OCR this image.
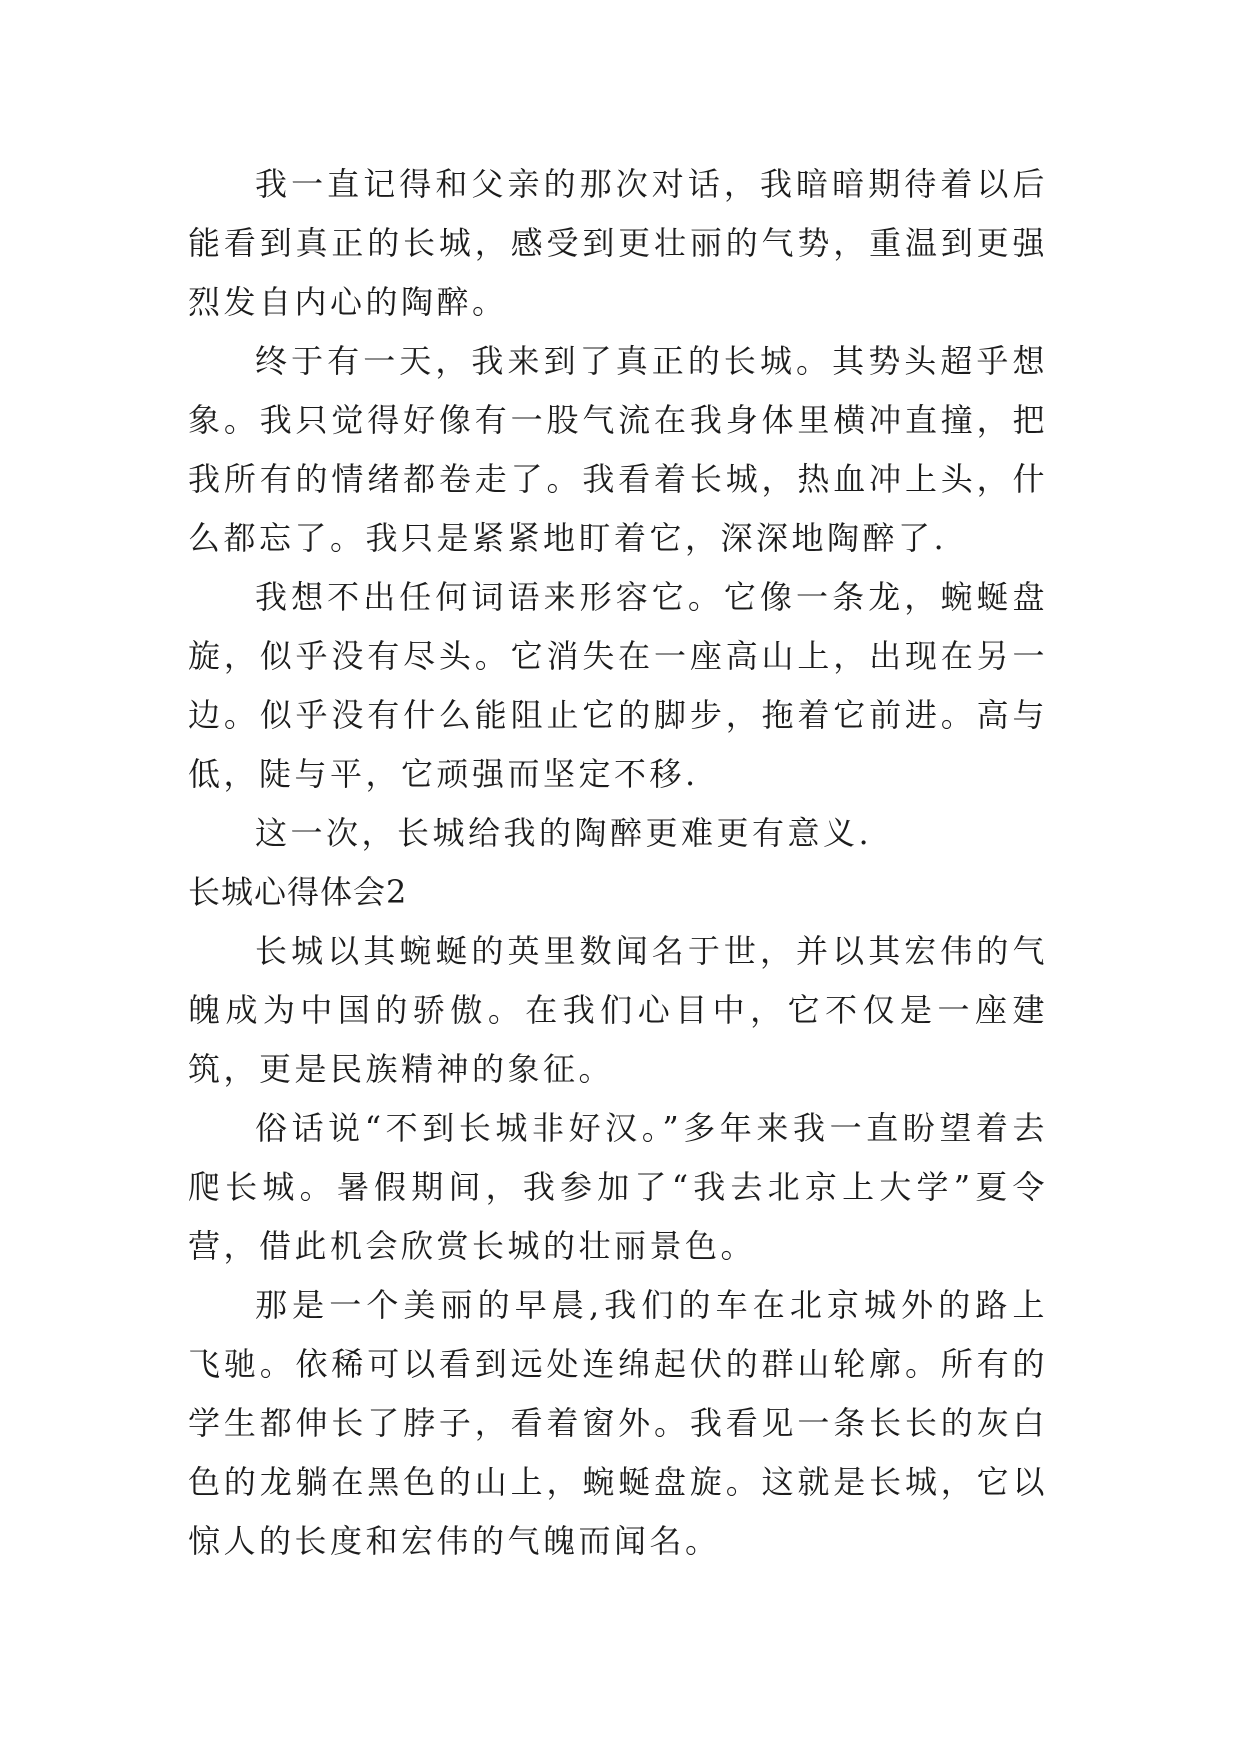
我一直记得和父亲的那次对话，我暗暗期待着以后能看到真正的长城，感受到更壮丽的气势，重温到更强烈发自内心的陶醉。

终于有一天，我来到了真正的长城。其势头超乎想象。我只觉得好像有一股气流在我身体里横冲直撞，把我所有的情绪都卷走了。我看着长城，热血冲上头，什么都忘了。我只是紧紧地盯着它，深深地陶醉了.

我想不出任何词语来形容它。它像一条龙，蜿蜒盘旋，似乎没有尽头。它消失在一座高山上，出现在另一边。似乎没有什么能阻止它的脚步，拖着它前进。高与低，陡与平，它顽强而坚定不移.

这一次，长城给我的陶醉更难更有意义.

长城心得体会2

长城以其蜿蜒的英里数闻名于世，并以其宏伟的气魄成为中国的骄傲。在我们心目中，它不仅是一座建筑，更是民族精神的象征。

俗话说“不到长城非好汉。”多年来我一直盼望着去爬长城。暑假期间，我参加了“我去北京上大学”夏令营，借此机会欣赏长城的壮丽景色。

那是一个美丽的早晨,我们的车在北京城外的路上飞驰。依稀可以看到远处连绵起伏的群山轮廓。所有的学生都伸长了脖子，看着窗外。我看见一条长长的灰白色的龙躺在黑色的山上，蜿蜒盘旋。这就是长城，它以惊人的长度和宏伟的气魄而闻名。
